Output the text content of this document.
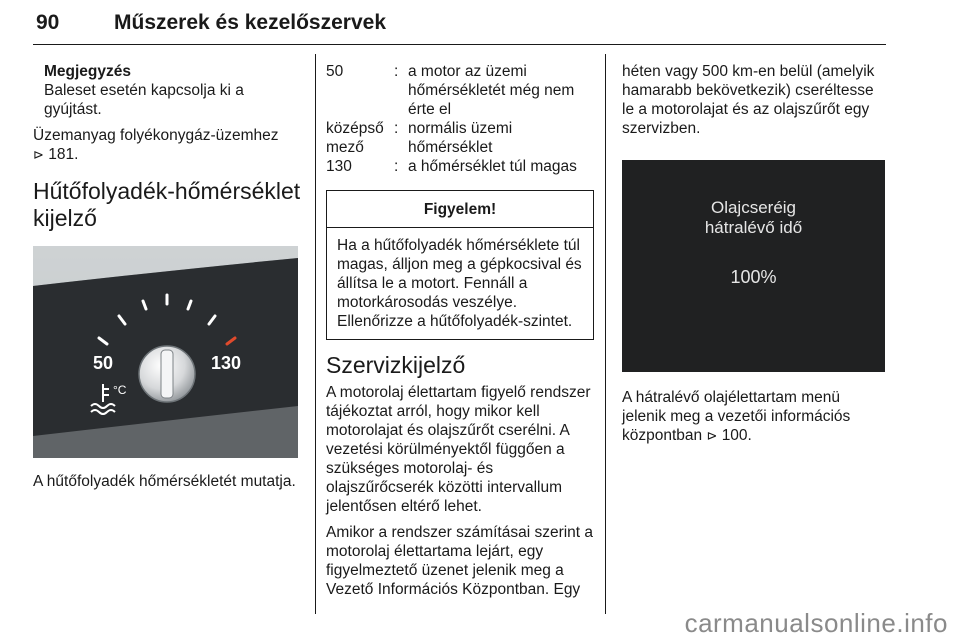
90	Műszerek és kezelőszervek
Megjegyzés

Baleset esetén kapcsolja ki a gyújtást.

Üzemanyag folyékonygáz-üzemhez
⊳ 181.

Hűtőfolyadék-hőmérséklet kijelző
50	130
°C

A hűtőfolyadék hőmérsékletét mutatja.

50	:	a motor az üzemi hőmérsékletét még nem érte el
középső mező	:	normális üzemi hőmérséklet
130	:	a hőmérséklet túl magas
Figyelem!
Ha a hűtőfolyadék hőmérséklete túl magas, álljon meg a gépkocsival és állítsa le a motort. Fennáll a motorkárosodás veszélye. Ellenőrizze a hűtőfolyadék-szintet.
Szervizkijelző

A motorolaj élettartam figyelő rendszer tájékoztat arról, hogy mikor kell motorolajat és olajszűrőt cserélni. A vezetési körülményektől függően a szükséges motorolaj- és olajszűrőcserék közötti intervallum jelentősen eltérő lehet.

Amikor a rendszer számításai szerint a motorolaj élettartama lejárt, egy figyelmeztető üzenet jelenik meg a Vezető Információs Központban. Egy

héten vagy 500 km-en belül (amelyik hamarabb bekövetkezik) cseréltesse le a motorolajat és az olajszűrőt egy szervizben.

Olajcseréig
hátralévő idő
100%

A hátralévő olajélettartam menü jelenik meg a vezetői információs központban ⊳ 100.

carmanualsonline.info
